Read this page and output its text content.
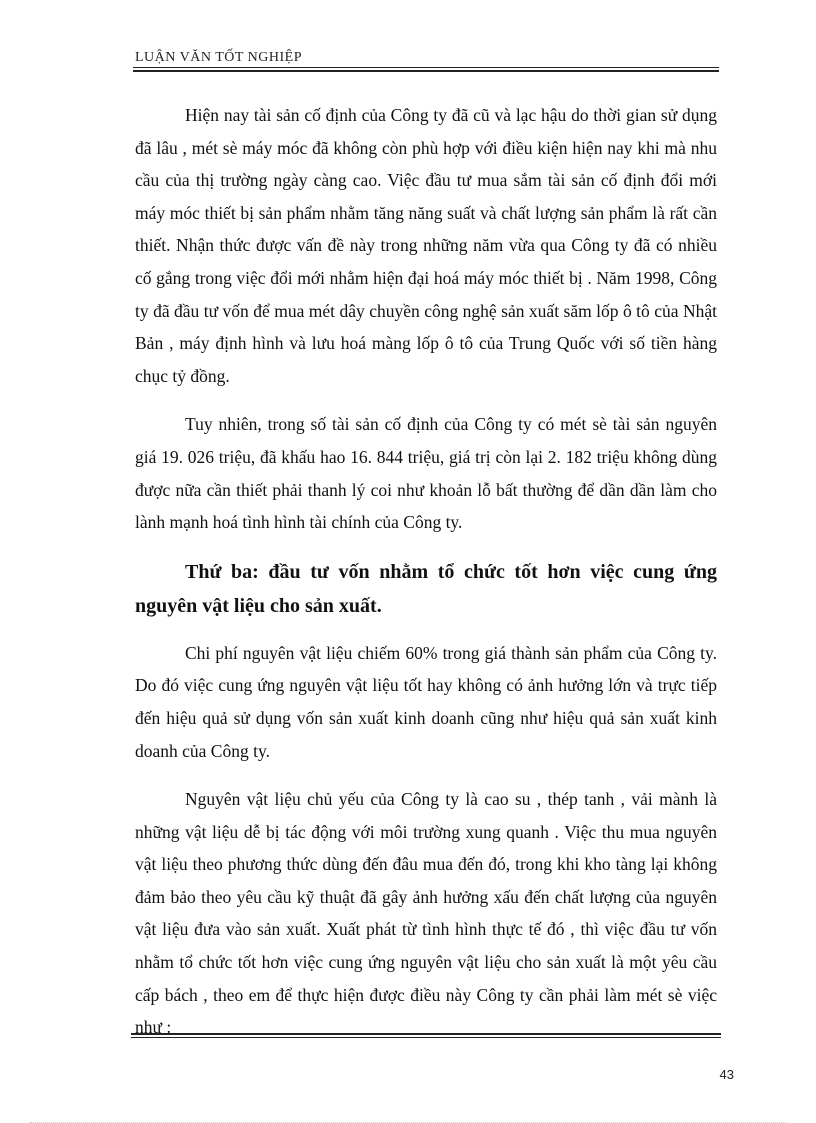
LUẬN VĂN TỐT NGHIỆP

Hiện nay tài sản cố định của Công ty đã cũ và lạc hậu do thời gian sử dụng đã lâu , mét sè máy móc đã không còn phù hợp với điều kiện hiện nay khi mà nhu cầu của thị trường ngày càng cao. Việc đầu tư mua sắm tài sản cố định đổi mới máy móc thiết bị sản phẩm nhằm tăng năng suất và chất lượng sản phẩm là rất cần thiết. Nhận thức được vấn đề này trong những năm vừa qua Công ty đã có nhiều cố gắng trong việc đổi mới nhằm hiện đại hoá máy móc thiết bị . Năm 1998, Công ty đã đầu tư vốn để mua mét dây chuyền công nghệ sản xuất săm lốp ô tô của Nhật Bản , máy định hình và lưu hoá màng lốp ô tô của Trung Quốc với số tiền hàng chục tỷ đồng.

Tuy nhiên, trong số tài sản cố định của Công ty có mét sè tài sản nguyên giá 19. 026 triệu, đã khấu hao 16. 844 triệu, giá trị còn lại 2. 182 triệu không dùng được nữa cần thiết phải thanh lý coi như khoản lỗ bất thường để dần dần làm cho lành mạnh hoá tình hình tài chính của Công ty.

Thứ ba: đầu tư vốn nhằm tổ chức tốt hơn việc cung ứng nguyên vật liệu cho sản xuất.

Chi phí nguyên vật liệu chiếm 60% trong giá thành sản phẩm của Công ty. Do đó việc cung ứng nguyên vật liệu tốt hay không có ảnh hưởng lớn và trực tiếp đến hiệu quả sử dụng vốn sản xuất kinh doanh cũng như hiệu quả sản xuất kinh doanh của Công ty.

Nguyên vật liệu chủ yếu của Công ty là cao su , thép tanh , vải mành là những vật liệu dễ bị tác động với môi trường xung quanh . Việc thu mua nguyên vật liệu theo phương thức dùng đến đâu mua đến đó, trong khi kho tàng lại không đảm bảo theo yêu cầu kỹ thuật đã gây ảnh hưởng xấu đến chất lượng của nguyên vật liệu đưa vào sản xuất. Xuất phát từ tình hình thực tế đó , thì việc đầu tư vốn nhằm tổ chức tốt hơn việc cung ứng nguyên vật liệu cho sản xuất là một yêu cầu cấp bách , theo em để thực hiện được điều này Công ty cần phải làm mét sè việc như :

43
